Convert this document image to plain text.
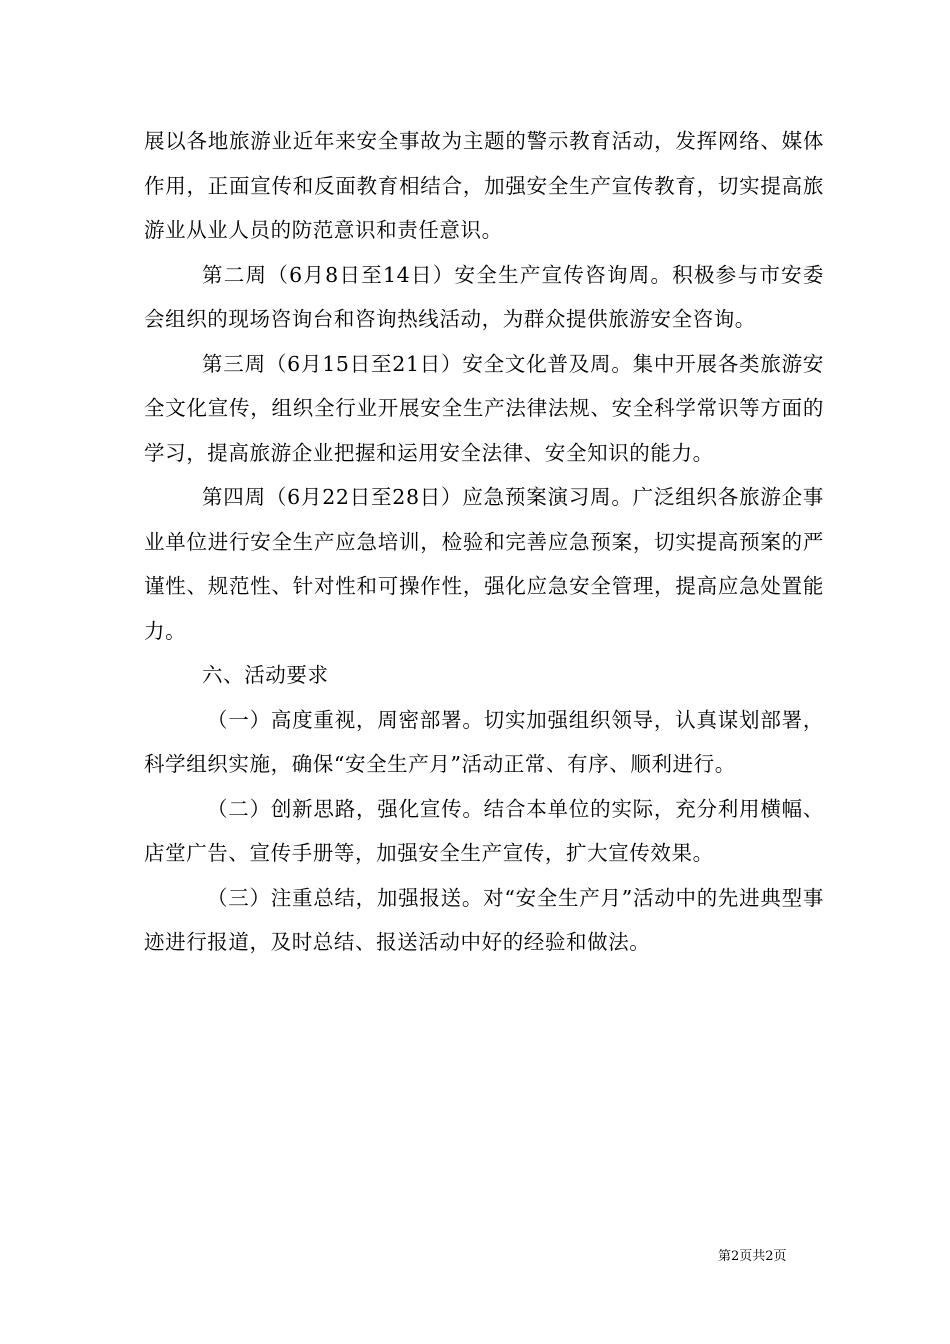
展以各地旅游业近年来安全事故为主题的警示教育活动，发挥网络、媒体作用，正面宣传和反面教育相结合，加强安全生产宣传教育，切实提高旅游业从业人员的防范意识和责任意识。

第二周（6月8日至14日）安全生产宣传咨询周。积极参与市安委会组织的现场咨询台和咨询热线活动，为群众提供旅游安全咨询。

第三周（6月15日至21日）安全文化普及周。集中开展各类旅游安全文化宣传，组织全行业开展安全生产法律法规、安全科学常识等方面的学习，提高旅游企业把握和运用安全法律、安全知识的能力。

第四周（6月22日至28日）应急预案演习周。广泛组织各旅游企事业单位进行安全生产应急培训，检验和完善应急预案，切实提高预案的严谨性、规范性、针对性和可操作性，强化应急安全管理，提高应急处置能力。

六、活动要求

（一）高度重视，周密部署。切实加强组织领导，认真谋划部署，科学组织实施，确保“安全生产月”活动正常、有序、顺利进行。

（二）创新思路，强化宣传。结合本单位的实际，充分利用横幅、店堂广告、宣传手册等，加强安全生产宣传，扩大宣传效果。

（三）注重总结，加强报送。对“安全生产月”活动中的先进典型事迹进行报道，及时总结、报送活动中好的经验和做法。

第2页共2页
